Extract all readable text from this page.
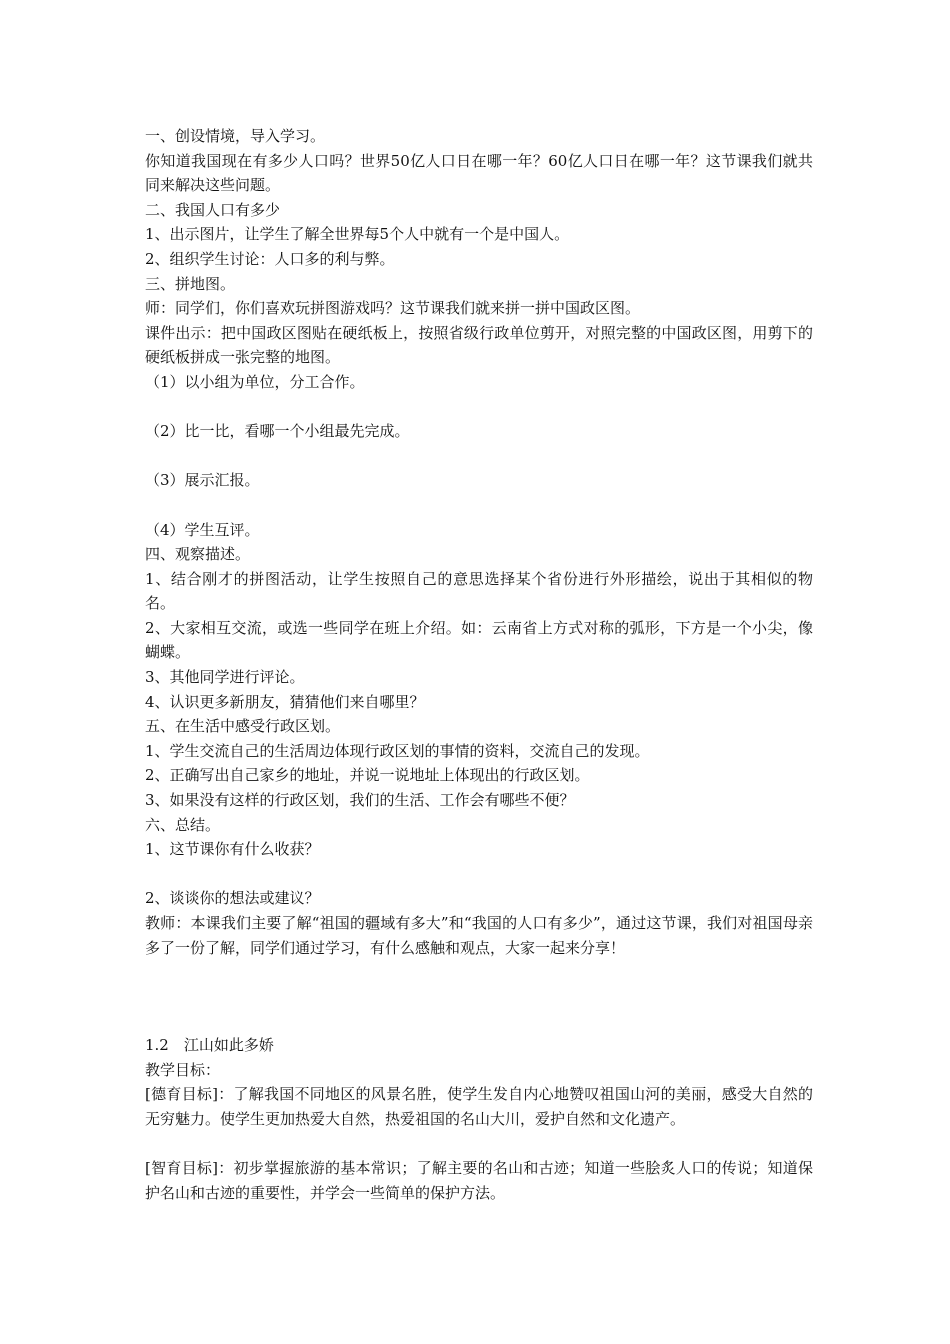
一、创设情境，导入学习。
你知道我国现在有多少人口吗？世界50亿人口日在哪一年？60亿人口日在哪一年？这节课我们就共同来解决这些问题。
二、我国人口有多少
1、出示图片，让学生了解全世界每5个人中就有一个是中国人。
2、组织学生讨论：人口多的利与弊。
三、拼地图。
师：同学们，你们喜欢玩拼图游戏吗？这节课我们就来拼一拼中国政区图。
课件出示：把中国政区图贴在硬纸板上，按照省级行政单位剪开，对照完整的中国政区图，用剪下的硬纸板拼成一张完整的地图。
（1）以小组为单位，分工合作。
（2）比一比，看哪一个小组最先完成。
（3）展示汇报。
（4）学生互评。
四、观察描述。
1、结合刚才的拼图活动，让学生按照自己的意思选择某个省份进行外形描绘，说出于其相似的物名。
2、大家相互交流，或选一些同学在班上介绍。如：云南省上方式对称的弧形，下方是一个小尖，像蝴蝶。
3、其他同学进行评论。
4、认识更多新朋友，猜猜他们来自哪里？
五、在生活中感受行政区划。
1、学生交流自己的生活周边体现行政区划的事情的资料，交流自己的发现。
2、正确写出自己家乡的地址，并说一说地址上体现出的行政区划。
3、如果没有这样的行政区划，我们的生活、工作会有哪些不便？
六、总结。
1、这节课你有什么收获？
2、谈谈你的想法或建议？
教师：本课我们主要了解“祖国的疆域有多大”和“我国的人口有多少”，通过这节课，我们对祖国母亲多了一份了解，同学们通过学习，有什么感触和观点，大家一起来分享！
1.2　江山如此多娇
教学目标：
[德育目标]：了解我国不同地区的风景名胜，使学生发自内心地赞叹祖国山河的美丽，感受大自然的无穷魅力。使学生更加热爱大自然，热爱祖国的名山大川，爱护自然和文化遗产。
[智育目标]：初步掌握旅游的基本常识；了解主要的名山和古迹；知道一些脍炙人口的传说；知道保护名山和古迹的重要性，并学会一些简单的保护方法。
